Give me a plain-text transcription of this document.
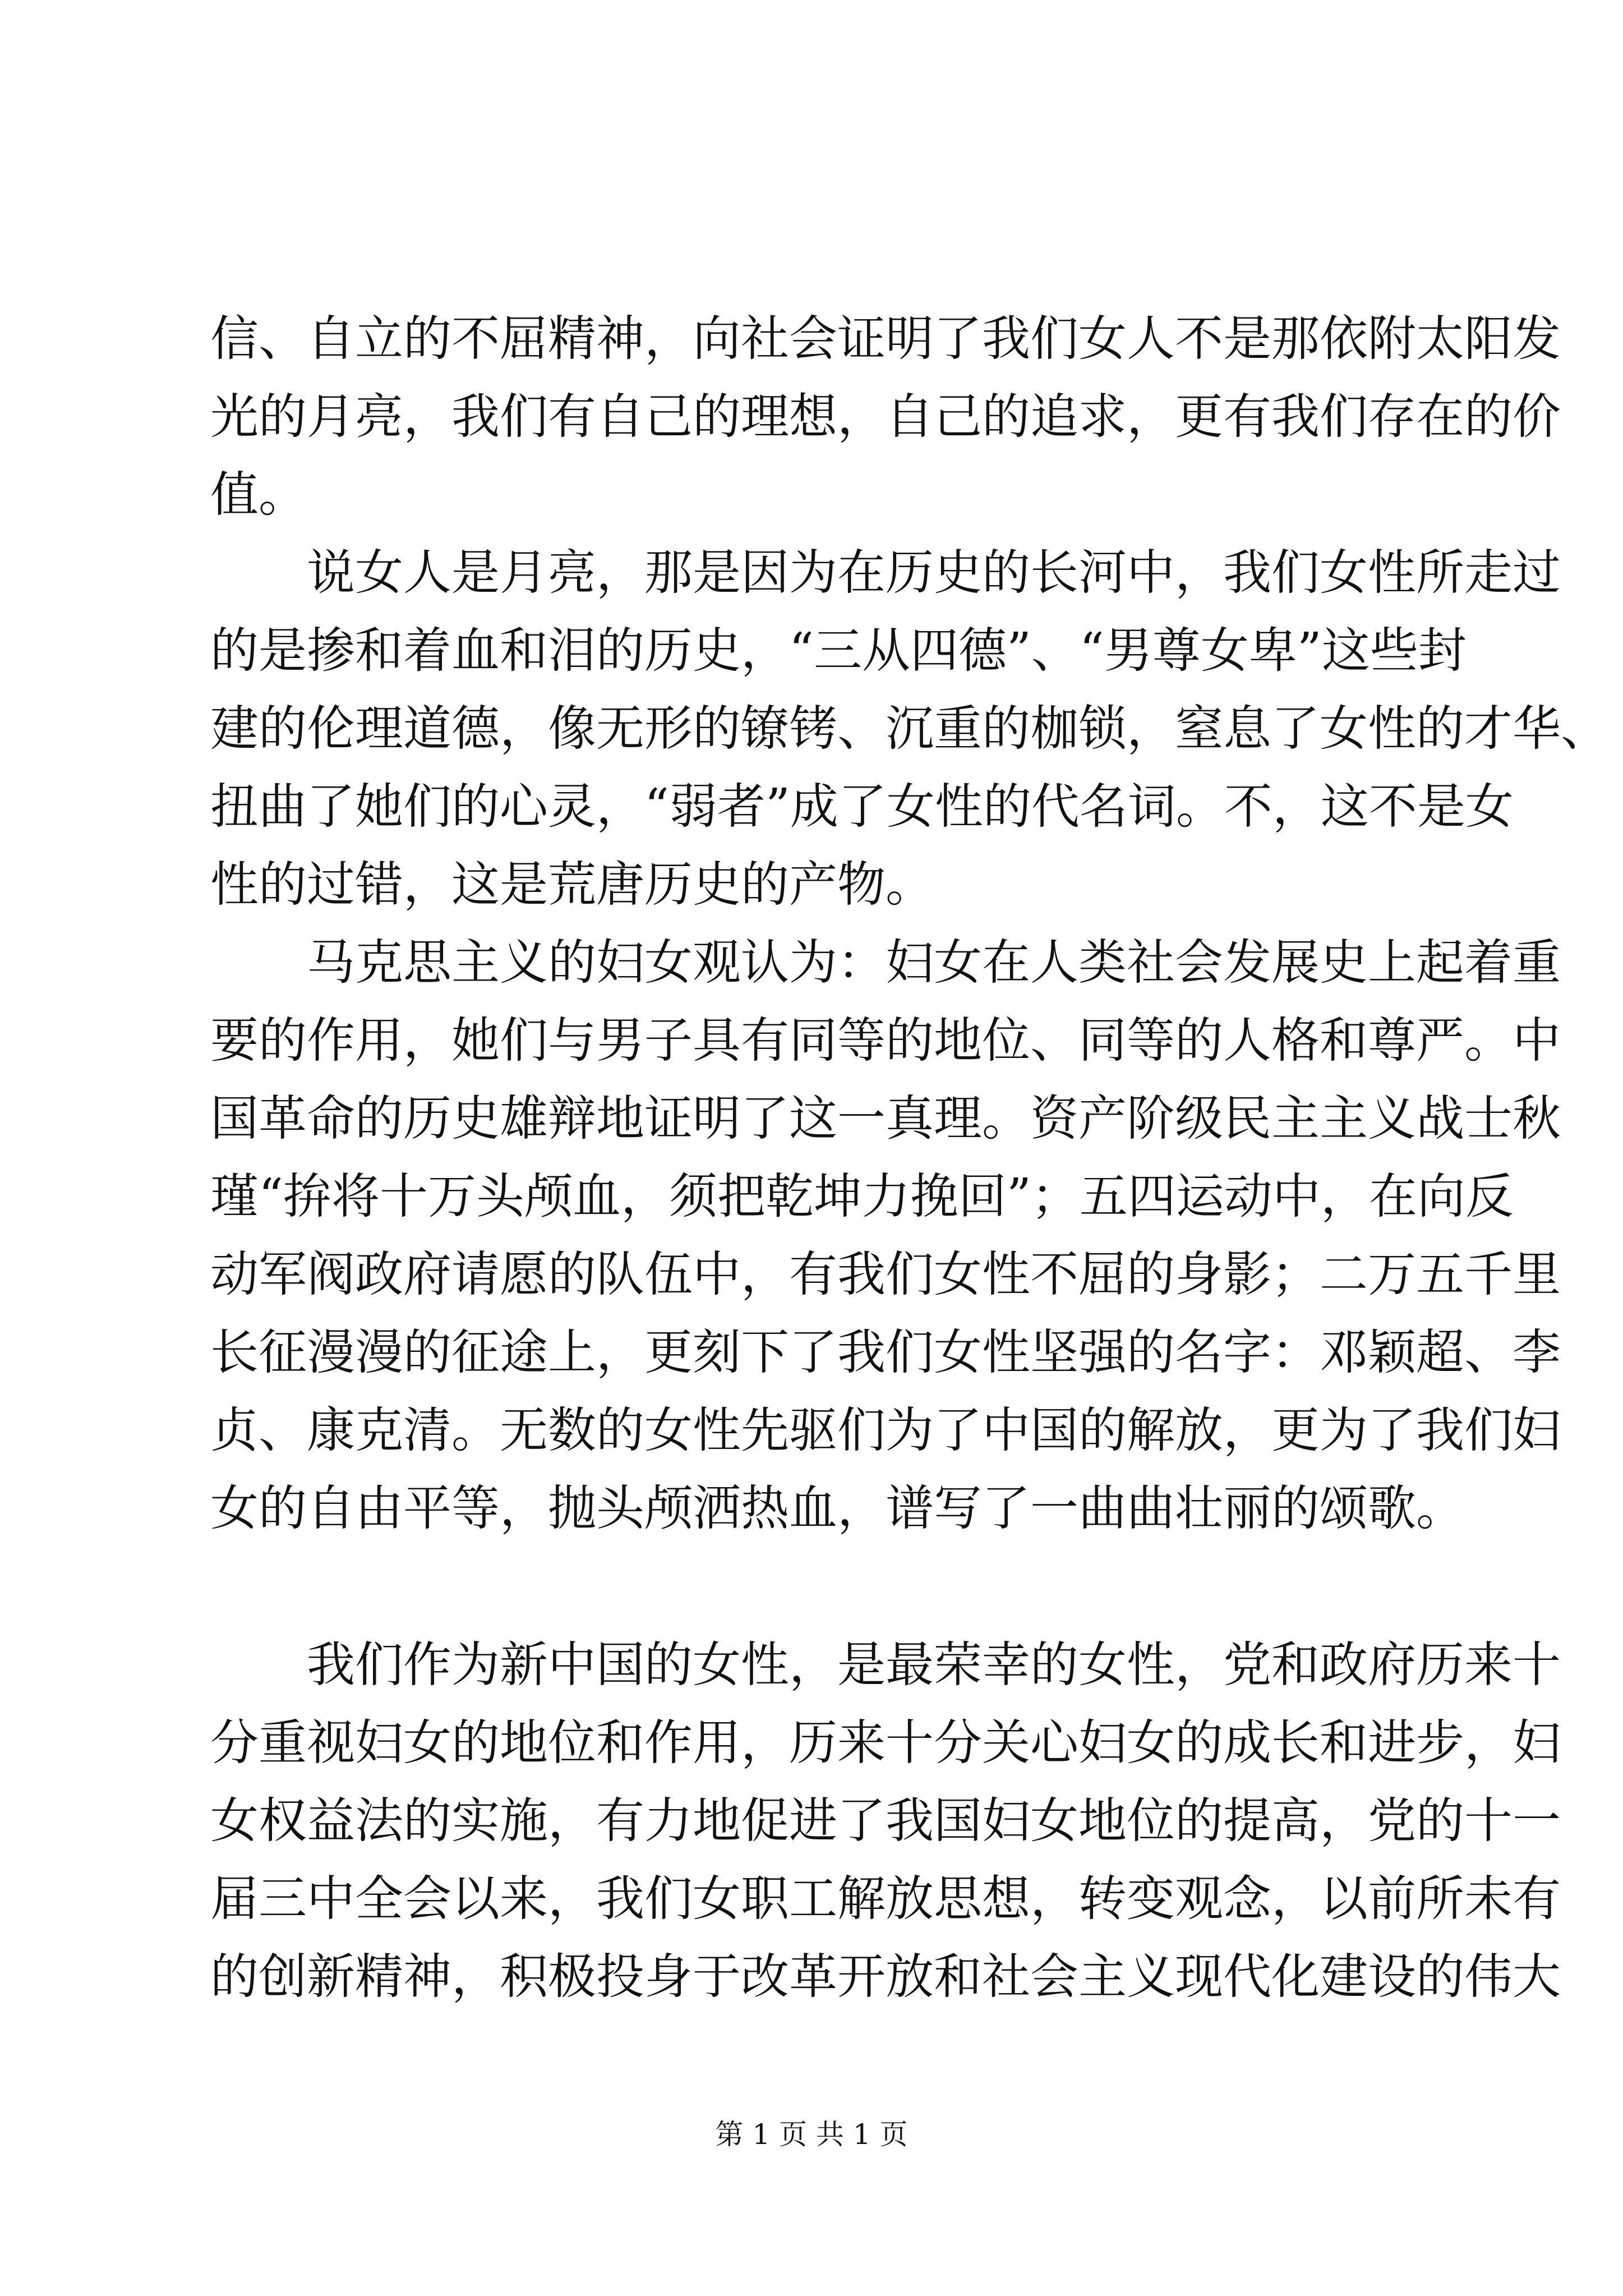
信、自立的不屈精神，向社会证明了我们女人不是那依附太阳发
光的月亮，我们有自己的理想，自己的追求，更有我们存在的价
值。
说女人是月亮，那是因为在历史的长河中，我们女性所走过
的是掺和着血和泪的历史，“三从四德”、“男尊女卑”这些封
建的伦理道德，像无形的镣铐、沉重的枷锁，窒息了女性的才华、
扭曲了她们的心灵，“弱者”成了女性的代名词。不，这不是女
性的过错，这是荒唐历史的产物。
马克思主义的妇女观认为：妇女在人类社会发展史上起着重
要的作用，她们与男子具有同等的地位、同等的人格和尊严。中
国革命的历史雄辩地证明了这一真理。资产阶级民主主义战士秋
瑾“拚将十万头颅血，须把乾坤力挽回”；五四运动中，在向反
动军阀政府请愿的队伍中，有我们女性不屈的身影；二万五千里
长征漫漫的征途上，更刻下了我们女性坚强的名字：邓颖超、李
贞、康克清。无数的女性先驱们为了中国的解放，更为了我们妇
女的自由平等，抛头颅洒热血，谱写了一曲曲壮丽的颂歌。
我们作为新中国的女性，是最荣幸的女性，党和政府历来十
分重视妇女的地位和作用，历来十分关心妇女的成长和进步，妇
女权益法的实施，有力地促进了我国妇女地位的提高，党的十一
届三中全会以来，我们女职工解放思想，转变观念，以前所未有
的创新精神，积极投身于改革开放和社会主义现代化建设的伟大
第 1 页 共 1 页
